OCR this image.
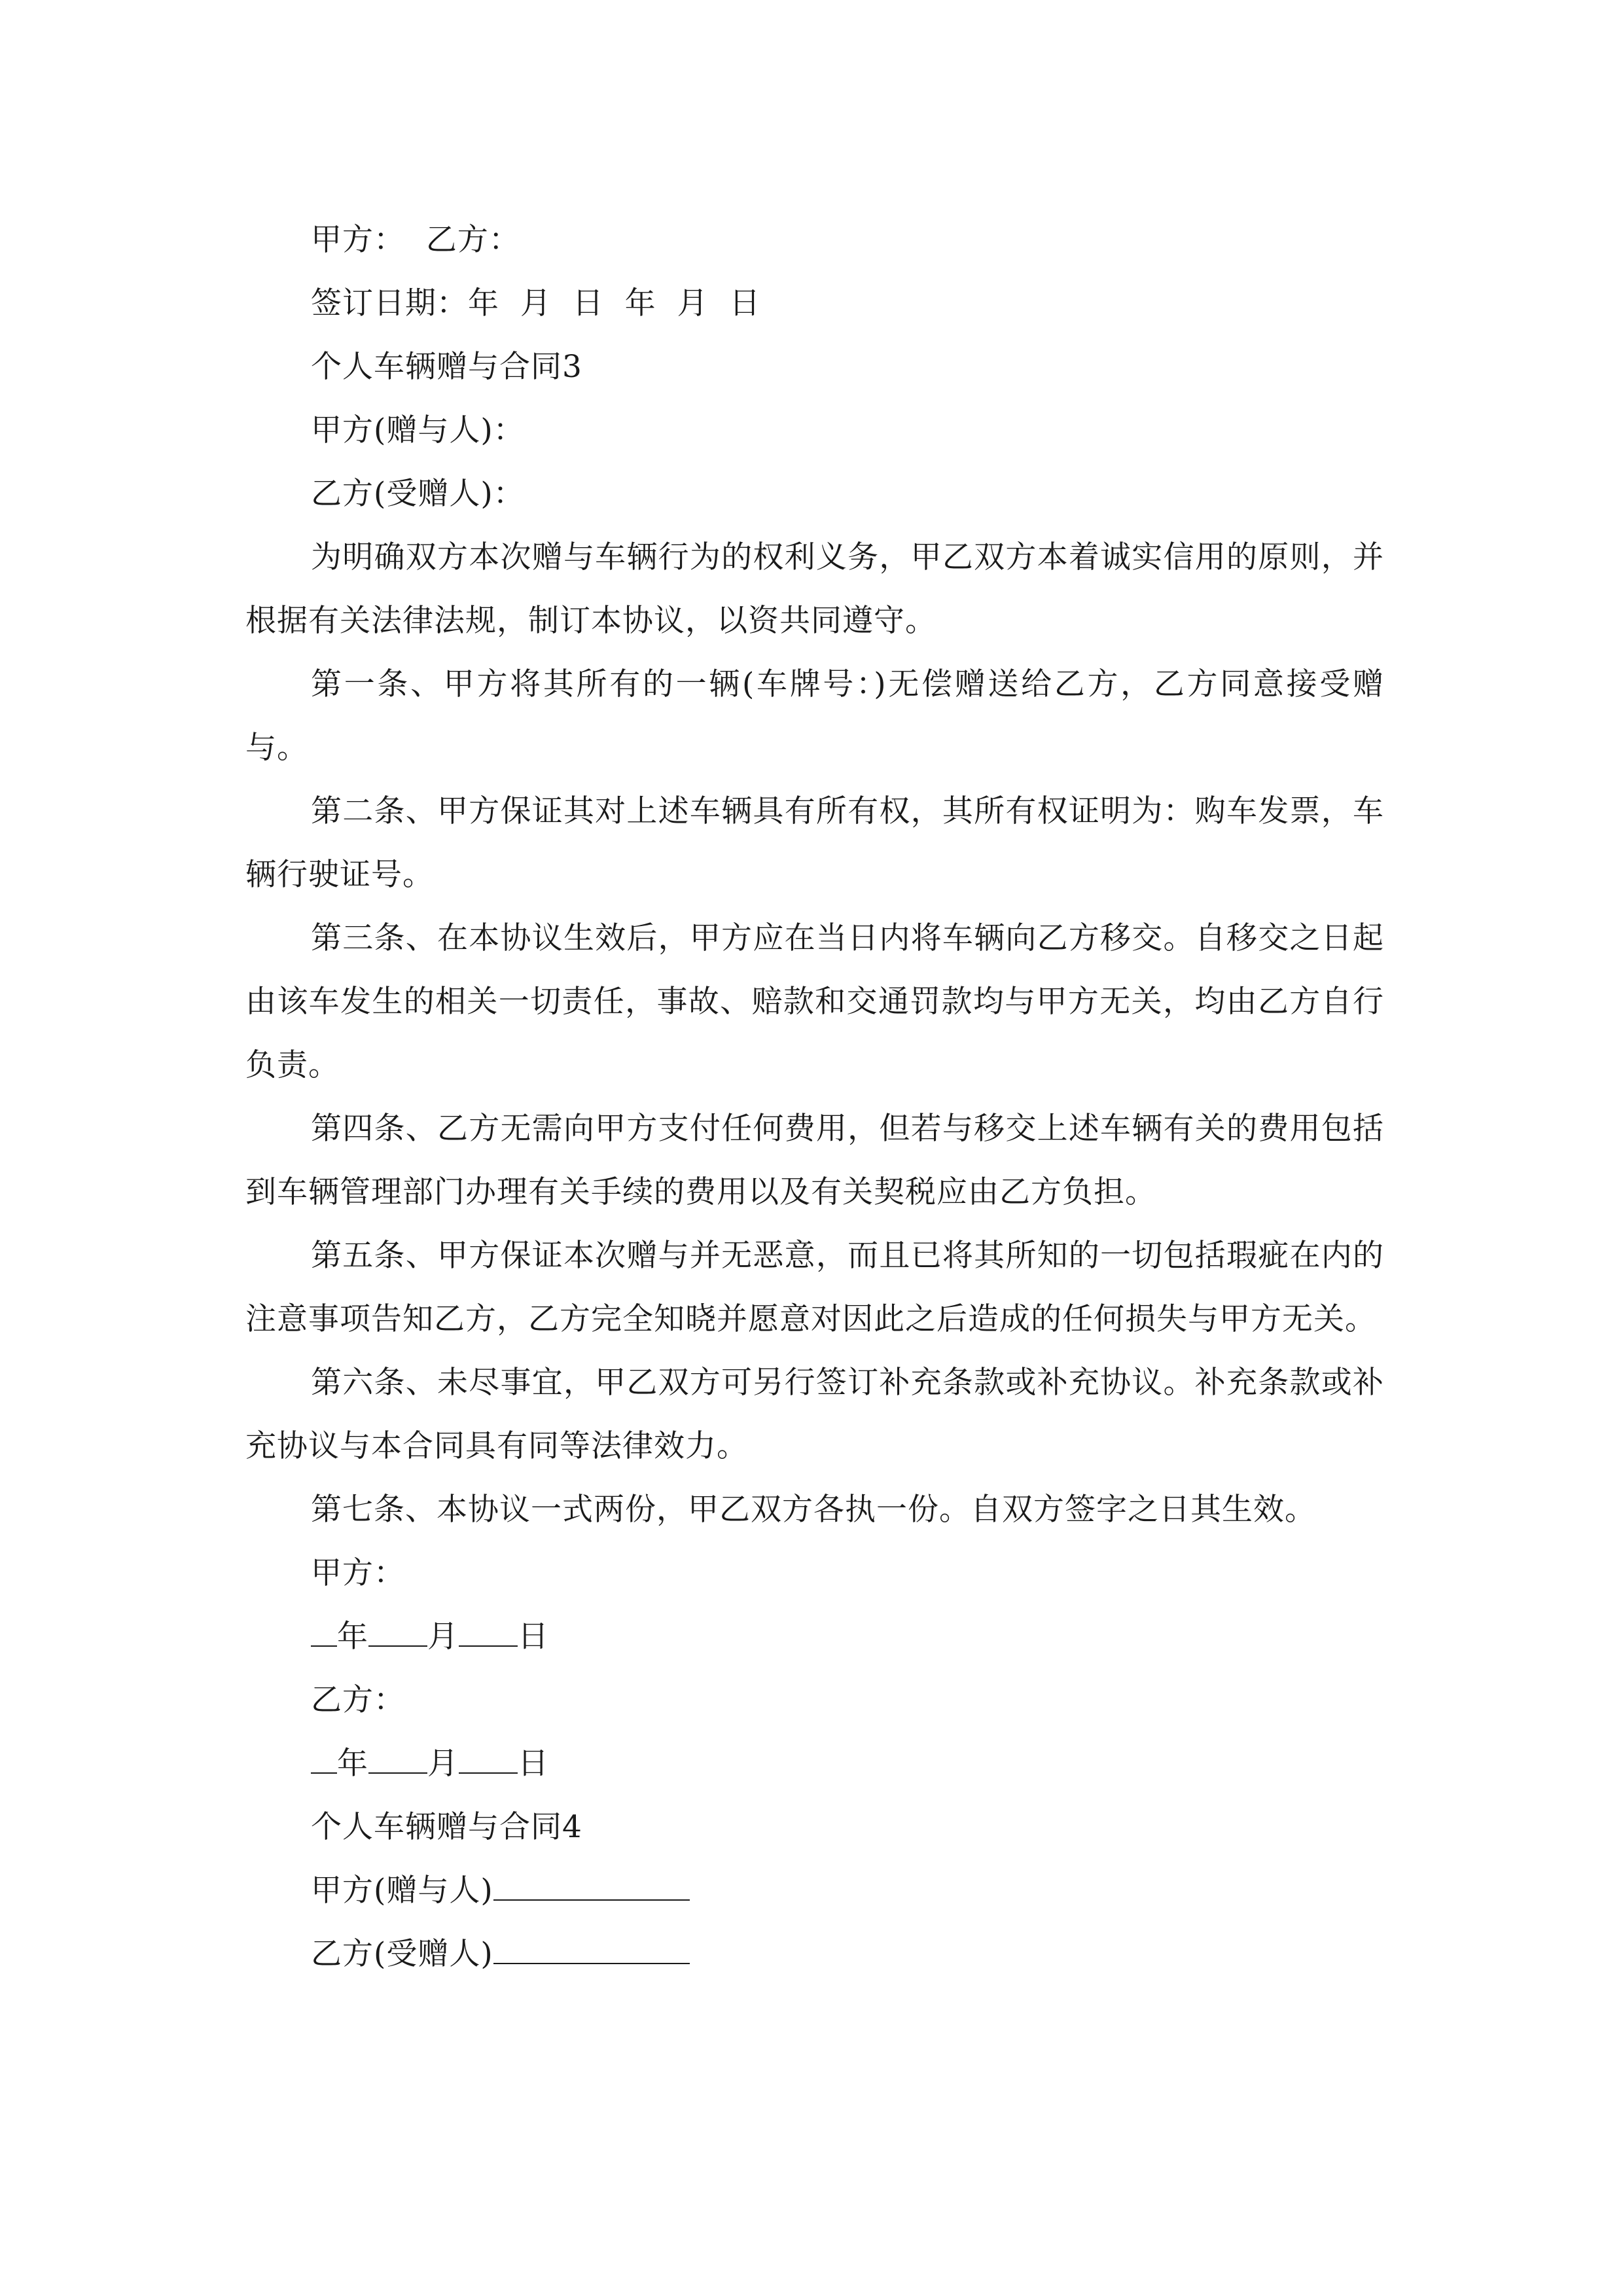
甲方： 乙方：
签订日期：年  月  日  年  月  日
个人车辆赠与合同3
甲方(赠与人)：
乙方(受赠人)：
为明确双方本次赠与车辆行为的权利义务，甲乙双方本着诚实信用的原则，并根据有关法律法规，制订本协议，以资共同遵守。
第一条、甲方将其所有的一辆(车牌号：)无偿赠送给乙方，乙方同意接受赠与。
第二条、甲方保证其对上述车辆具有所有权，其所有权证明为：购车发票，车辆行驶证号。
第三条、在本协议生效后，甲方应在当日内将车辆向乙方移交。自移交之日起由该车发生的相关一切责任，事故、赔款和交通罚款均与甲方无关，均由乙方自行负责。
第四条、乙方无需向甲方支付任何费用，但若与移交上述车辆有关的费用包括到车辆管理部门办理有关手续的费用以及有关契税应由乙方负担。
第五条、甲方保证本次赠与并无恶意，而且已将其所知的一切包括瑕疵在内的注意事项告知乙方，乙方完全知晓并愿意对因此之后造成的任何损失与甲方无关。
第六条、未尽事宜，甲乙双方可另行签订补充条款或补充协议。补充条款或补充协议与本合同具有同等法律效力。
第七条、本协议一式两份，甲乙双方各执一份。自双方签字之日其生效。
甲方：
年 月 日
乙方：
年 月 日
个人车辆赠与合同4
甲方(赠与人)
乙方(受赠人)
